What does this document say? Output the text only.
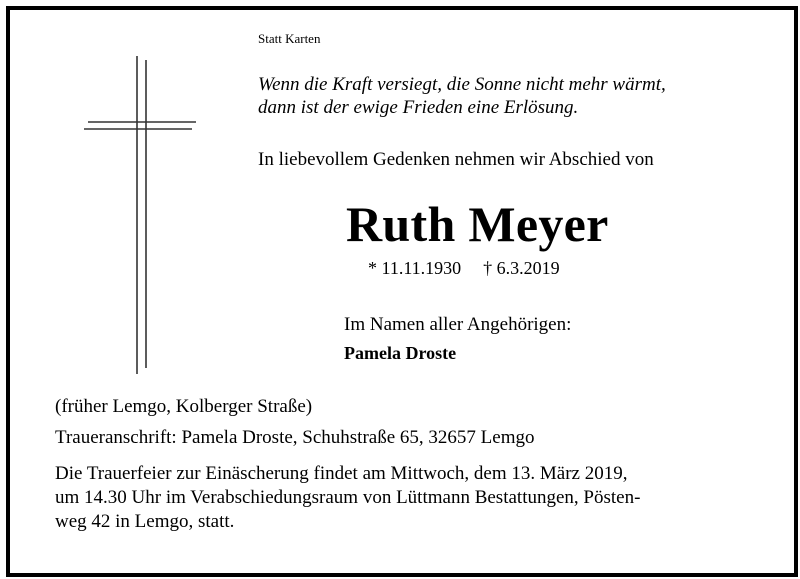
Statt Karten
Wenn die Kraft versiegt, die Sonne nicht mehr wärmt,
dann ist der ewige Frieden eine Erlösung.
In liebevollem Gedenken nehmen wir Abschied von
Ruth Meyer
* 11.11.1930 † 6.3.2019
Im Namen aller Angehörigen:
Pamela Droste
(früher Lemgo, Kolberger Straße)
Traueranschrift: Pamela Droste, Schuhstraße 65, 32657 Lemgo
Die Trauerfeier zur Einäscherung findet am Mittwoch, dem 13. März 2019,
um 14.30 Uhr im Verabschiedungsraum von Lüttmann Bestattungen, Pösten-
weg 42 in Lemgo, statt.
